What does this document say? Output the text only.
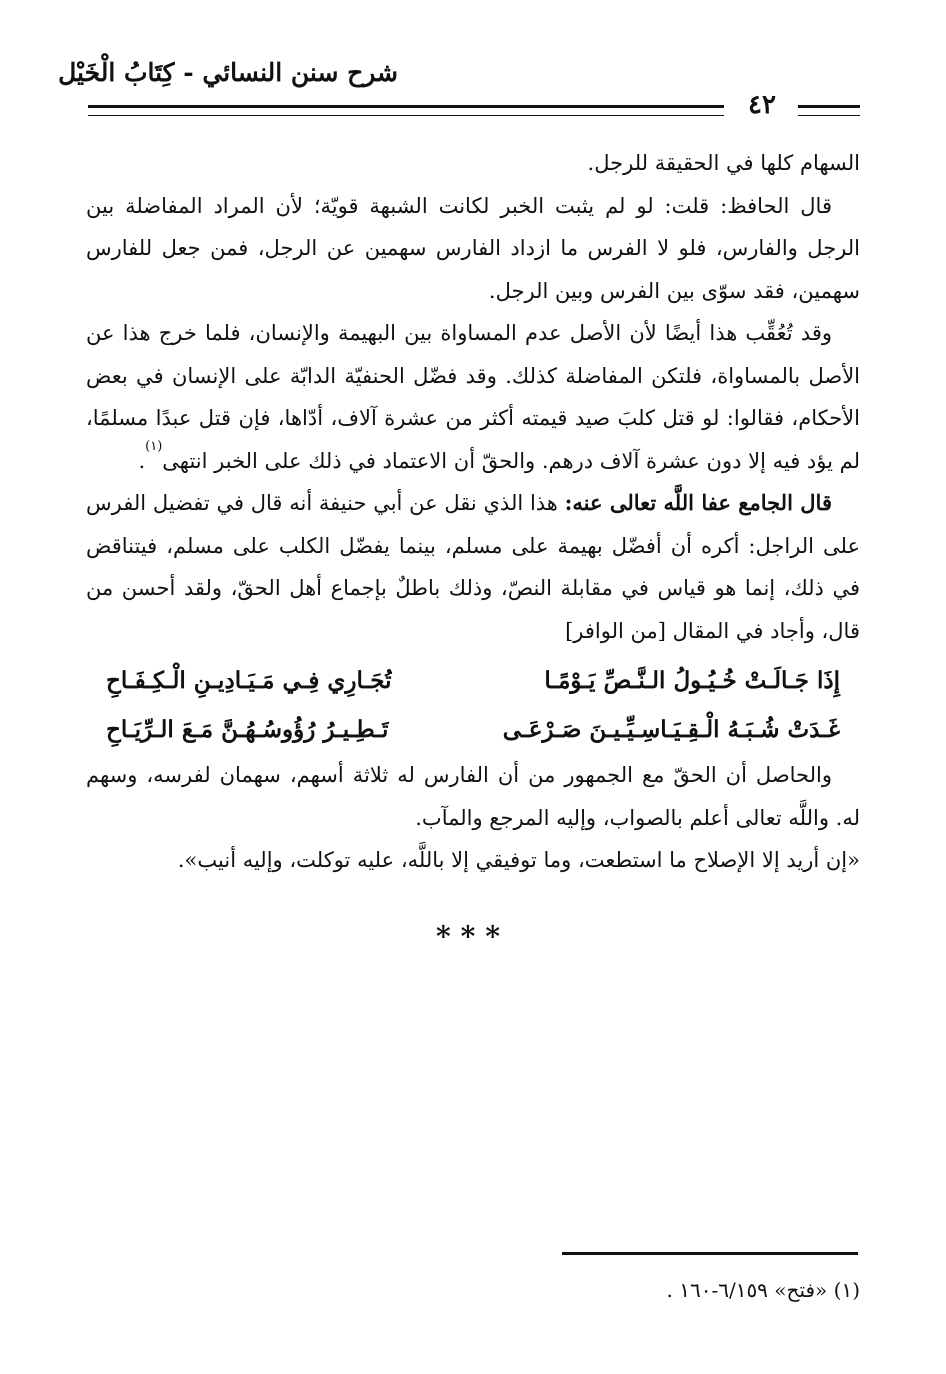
شرح سنن النسائي - كِتَابُ الْخَيْل
٤٢

السهام كلها في الحقيقة للرجل.

قال الحافظ: قلت: لو لم يثبت الخبر لكانت الشبهة قويّة؛ لأن المراد المفاضلة بين الرجل والفارس، فلو لا الفرس ما ازداد الفارس سهمين عن الرجل، فمن جعل للفارس سهمين، فقد سوّى بين الفرس وبين الرجل.

وقد تُعُقِّب هذا أيضًا لأن الأصل عدم المساواة بين البهيمة والإنسان، فلما خرج هذا عن الأصل بالمساواة، فلتكن المفاضلة كذلك. وقد فضّل الحنفيّة الدابّة على الإنسان في بعض الأحكام، فقالوا: لو قتل كلبَ صيد قيمته أكثر من عشرة آلاف، أدّاها، فإن قتل عبدًا مسلمًا، لم يؤد فيه إلا دون عشرة آلاف درهم. والحقّ أن الاعتماد في ذلك على الخبر انتهى$^{(١)}$.

قال الجامع عفا اللَّه تعالى عنه: هذا الذي نقل عن أبي حنيفة أنه قال في تفضيل الفرس على الراجل: أكره أن أفضّل بهيمة على مسلم، بينما يفضّل الكلب على مسلم، فيتناقض في ذلك، إنما هو قياس في مقابلة النصّ، وذلك باطلٌ بإجماع أهل الحقّ، ولقد أحسن من قال، وأجاد في المقال [من الوافر]

إِذَا جَـالَـتْ خُـيُـولُ الـنَّـصِّ يَـوْمًـا
تُجَـارِي فِـي مَـيَـادِيـنِ الْـكِـفَـاحِ
غَـدَتْ شُـبَـهُ الْـقِـيَـاسِـيِّـيـنَ صَـرْعَـى
تَـطِـيـرُ رُؤُوسُـهُـنَّ مَـعَ الـرِّيَـاحِ

والحاصل أن الحقّ مع الجمهور من أن الفارس له ثلاثة أسهم، سهمان لفرسه، وسهم له. واللَّه تعالى أعلم بالصواب، وإليه المرجع والمآب.

«إن أريد إلا الإصلاح ما استطعت، وما توفيقي إلا باللَّه، عليه توكلت، وإليه أنيب».

***
(١) «فتح» ٦/١٥٩-١٦٠ .
